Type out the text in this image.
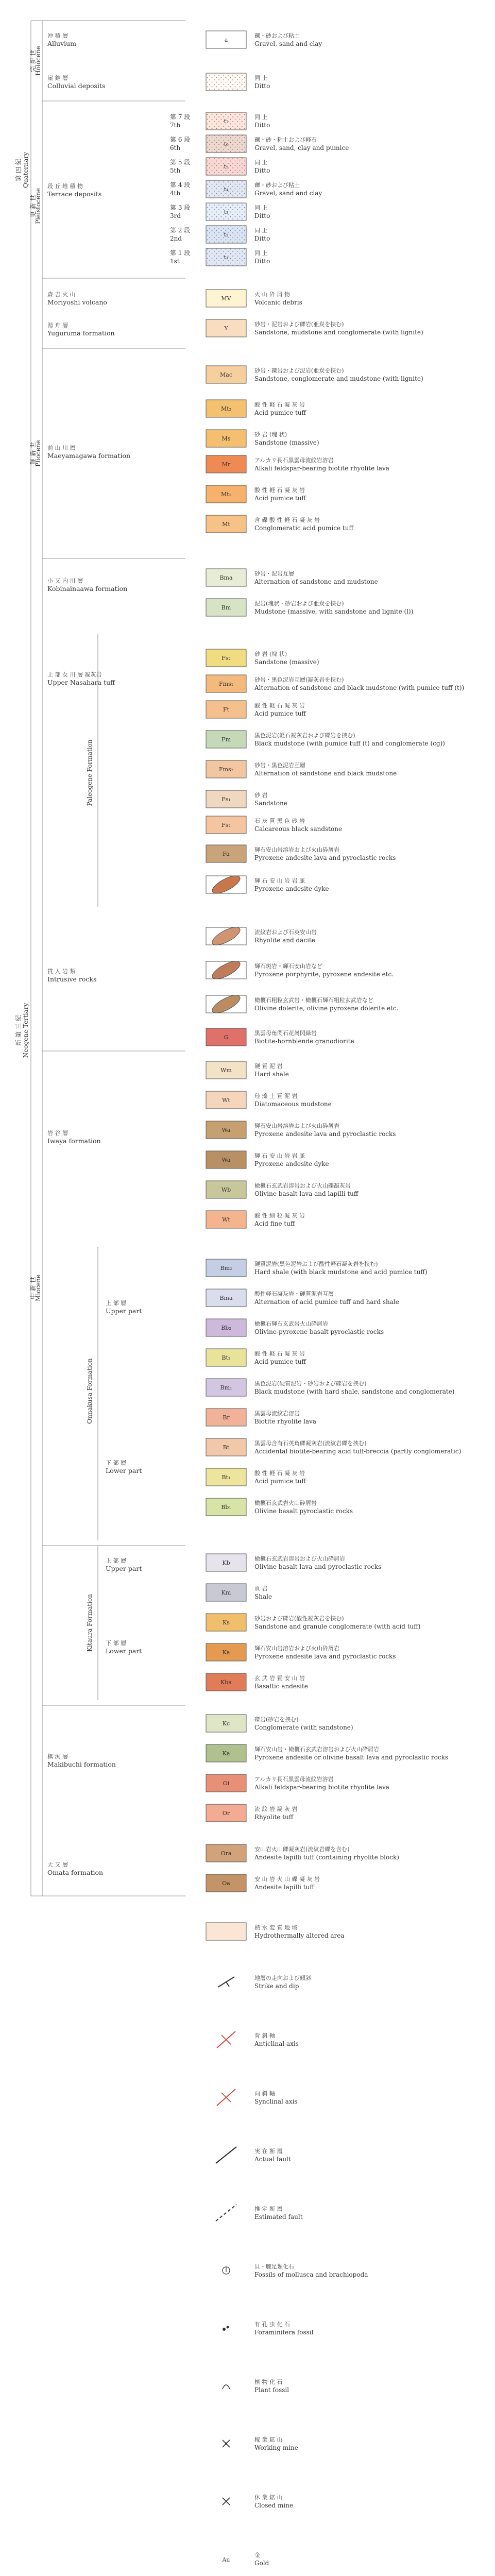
a
礫・砂および粘土
Gravel, sand and clay
同 上
Ditto
t₇
同 上
Ditto
t₆
礫・砂・粘土および軽石
Gravel, sand, clay and pumice
t₅
同 上
Ditto
t₄
礫・砂および粘土
Gravel, sand and clay
t₃
同 上
Ditto
t₂
同 上
Ditto
t₁
同 上
Ditto
MV
火 山 砕 屑 物
Volcanic debris
Y
砂岩・泥岩および礫岩(亜炭を挟む)
Sandstone, mudstone and conglomerate (with lignite)
Mac
砂岩・礫岩および泥岩(亜炭を挟む)
Sandstone, conglomerate and mudstone (with lignite)
Mt₂
酸 性 軽 石 凝 灰 岩
Acid pumice tuff
Ms
砂 岩 (塊 状)
Sandstone (massive)
Mr
アルカリ長石黒雲母流紋岩溶岩
Alkali feldspar-bearing biotite rhyolite lava
Mt₁
酸 性 軽 石 凝 灰 岩
Acid pumice tuff
Mt
含 礫 酸 性 軽 石 凝 灰 岩
Conglomeratic acid pumice tuff
Bma
砂岩・泥岩互層
Alternation of sandstone and mudstone
Bm
泥岩(塊状・砂岩および亜炭を挟む)
Mudstone (massive, with sandstone and lignite (l))
Fs₂
砂 岩 (塊 状)
Sandstone (massive)
Fms₁
砂岩・黒色泥岩互層(凝灰岩を挟む)
Alternation of sandstone and black mudstone (with pumice tuff (t))
Ft
酸 性 軽 石 凝 灰 岩
Acid pumice tuff
Fm
黒色泥岩(軽石凝灰岩および礫岩を挟む)
Black mudstone (with pumice tuff (t) and conglomerate (cg))
Fms₂
砂岩・黒色泥岩互層
Alternation of sandstone and black mudstone
Fs₁
砂 岩
Sandstone
Fs₂
石 灰 質 黒 色 砂 岩
Calcareous black sandstone
Fa
輝石安山岩溶岩および火山砕屑岩
Pyroxene andesite lava and pyroclastic rocks
輝 石 安 山 岩 岩 脈
Pyroxene andesite dyke
流紋岩および石英安山岩
Rhyolite and dacite
輝石斑岩・輝石安山岩など
Pyroxene porphyrite, pyroxene andesite etc.
橄欖石粗粒玄武岩・橄欖石輝石粗粒玄武岩など
Olivine dolerite, olivine pyroxene dolerite etc.
G
黒雲母角閃石花崗閃緑岩
Biotite-hornblende granodiorite
Wm
硬 質 泥 岩
Hard shale
Wt
珪 藻 土 質 泥 岩
Diatomaceous mudstone
Wa
輝石安山岩溶岩および火山砕屑岩
Pyroxene andesite lava and pyroclastic rocks
Wa
輝 石 安 山 岩 岩 脈
Pyroxene andesite dyke
Wb
橄欖石玄武岩溶岩および火山礫凝灰岩
Olivine basalt lava and lapilli tuff
Wt
酸 性 細 粒 凝 灰 岩
Acid fine tuff
Bm₂
硬質泥岩(黒色泥岩および酸性軽石凝灰岩を挟む)
Hard shale (with black mudstone and acid pumice tuff)
Bma
酸性軽石凝灰岩・硬質泥岩互層
Alternation of acid pumice tuff and hard shale
Bb₂
橄欖石輝石玄武岩火山砕屑岩
Olivine-pyroxene basalt pyroclastic rocks
Bt₂
酸 性 軽 石 凝 灰 岩
Acid pumice tuff
Bm₁
黒色泥岩(硬質泥岩・砂岩および礫岩を挟む)
Black mudstone (with hard shale, sandstone and conglomerate)
Br
黒雲母流紋岩溶岩
Biotite rhyolite lava
Bt
黒雲母含有石英角礫凝灰岩(流紋岩礫を挟む)
Accidental biotite-bearing acid tuff-breccia (partly conglomeratic)
Bt₁
酸 性 軽 石 凝 灰 岩
Acid pumice tuff
Bb₁
橄欖石玄武岩火山砕屑岩
Olivine basalt pyroclastic rocks
Kb
橄欖石玄武岩溶岩および火山砕屑岩
Olivine basalt lava and pyroclastic rocks
Km
頁 岩
Shale
Ks
砂岩および礫岩(酸性凝灰岩を挟む)
Sandstone and granule conglomerate (with acid tuff)
Ka
輝石安山岩溶岩および火山砕屑岩
Pyroxene andesite lava and pyroclastic rocks
Kba
玄 武 岩 質 安 山 岩
Basaltic andesite
Kc
礫岩(砂岩を挟む)
Conglomerate (with sandstone)
Ka
輝石安山岩・橄欖石玄武岩溶岩および火山砕屑岩
Pyroxene andesite or olivine basalt lava and pyroclastic rocks
Oi
アルカリ長石黒雲母流紋岩溶岩
Alkali feldspar-bearing biotite rhyolite lava
Or
流 紋 岩 凝 灰 岩
Rhyolite tuff
Ora
安山岩火山礫凝灰岩(流紋岩礫を含む)
Andesite lapilli tuff (containing rhyolite block)
Oa
安 山 岩 火 山 礫 凝 灰 岩
Andesite lapilli tuff
熱 水 変 質 地 域
Hydrothermally altered area
第 7 段
7th
第 6 段
6th
第 5 段
5th
第 4 段
4th
第 3 段
3rd
第 2 段
2nd
第 1 段
1st
沖 積 層
Alluvium
崖 錐 層
Colluvial deposits
段 丘 堆 積 物
Terrace deposits
森 吉 火 山
Moriyoshi volcano
湯 舟 層
Yuguruma formation
前 山 川 層
Maeyamagawa formation
小 又 内 川 層
Kobinainaawa formation
上 部 女 川 層 凝灰岩
Upper Nasahara tuff
貫 入 岩 類
Intrusive rocks
岩 谷 層
Iwaya formation
上 部 層
Upper part
下 部 層
Lower part
上 部 層
Upper part
下 部 層
Lower part
槙 渕 層
Makibuchi formation
大 又 層
Omata formation
第 四 紀 Quaternary
新 第 三 紀 Neogene Tertiary
完 新 世
Holocene
更 新 世
Pleistocene
鮮 新 世
Pliocene
中 新 世
Miocene
Paleogene Formation
Onnakusa Formation
Kitaura Formation
地層の走向および傾斜
Strike and dip
背 斜 軸
Anticlinal axis
向 斜 軸
Synclinal axis
実 在 断 層
Actual fault
推 定 断 層
Estimated fault
貝・腕足類化石
Fossils of mollusca and brachiopoda
有 孔 虫 化 石
Foraminifera fossil
植 物 化 石
Plant fossil
稼 業 鉱 山
Working mine
休 業 鉱 山
Closed mine
Au
金
Gold
